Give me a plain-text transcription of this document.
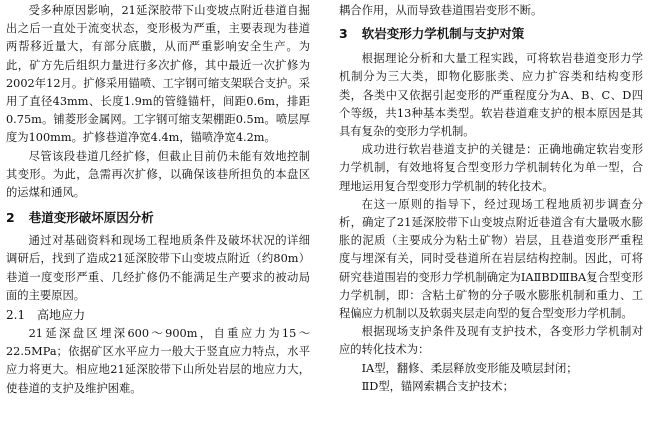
受多种原因影响，21延深胶带下山变坡点附近巷道自掘出之后一直处于流变状态，变形极为严重，主要表现为巷道两帮移近量大，有部分底臌，从而严重影响安全生产。为此，矿方先后组织力量进行多次扩修，其中最近一次扩修为2002年12月。扩修采用锚喷、工字钢可缩支架联合支护。采用了直径43mm、长度1.9m的管缝锚杆，间距0.6m，排距0.75m。铺菱形金属网。工字钢可缩支架棚距0.5m。喷层厚度为100mm。扩修巷道净宽4.4m，锚喷净宽4.2m。

尽管该段巷道几经扩修，但截止目前仍未能有效地控制其变形。为此，急需再次扩修，以确保该巷所担负的本盘区的运煤和通风。

2 巷道变形破坏原因分析

通过对基础资料和现场工程地质条件及破坏状况的详细调研后，找到了造成21延深胶带下山变坡点附近（约80m）巷道一度变形严重、几经扩修仍不能满足生产要求的被动局面的主要原因。

2.1 高地应力

21延深盘区埋深600～900m，自重应力为15～22.5MPa；依据矿区水平应力一般大于竖直应力特点，水平应力将更大。相应地21延深胶带下山所处岩层的地应力大，使巷道的支护及维护困难。

耦合作用，从而导致巷道围岩变形不断。

3 软岩变形力学机制与支护对策

根据理论分析和大量工程实践，可将软岩巷道变形力学机制分为三大类，即物化膨胀类、应力扩容类和结构变形类，各类中又依据引起变形的严重程度分为A、B、C、D四个等级，共13种基本类型。软岩巷道难支护的根本原因是其具有复杂的变形力学机制。

成功进行软岩巷道支护的关键是：正确地确定软岩变形力学机制，有效地将复合型变形力学机制转化为单一型，合理地运用复合型变形力学机制的转化技术。

在这一原则的指导下，经过现场工程地质初步调查分析，确定了21延深胶带下山变坡点附近巷道含有大量吸水膨胀的泥质（主要成分为粘土矿物）岩层，且巷道变形严重程度与埋深有关，同时受巷道所在岩层结构控制。因此，可将研究巷道围岩的变形力学机制确定为ⅠAⅡBDⅢBA复合型变形力学机制，即：含粘土矿物的分子吸水膨胀机制和重力、工程偏应力机制以及软弱夹层走向型的复合型变形力学机制。

根据现场支护条件及现有支护技术，各变形力学机制对应的转化技术为：

ⅠA型，翻修、柔层释放变形能及喷层封闭；

ⅡD型，锚网索耦合支护技术；
